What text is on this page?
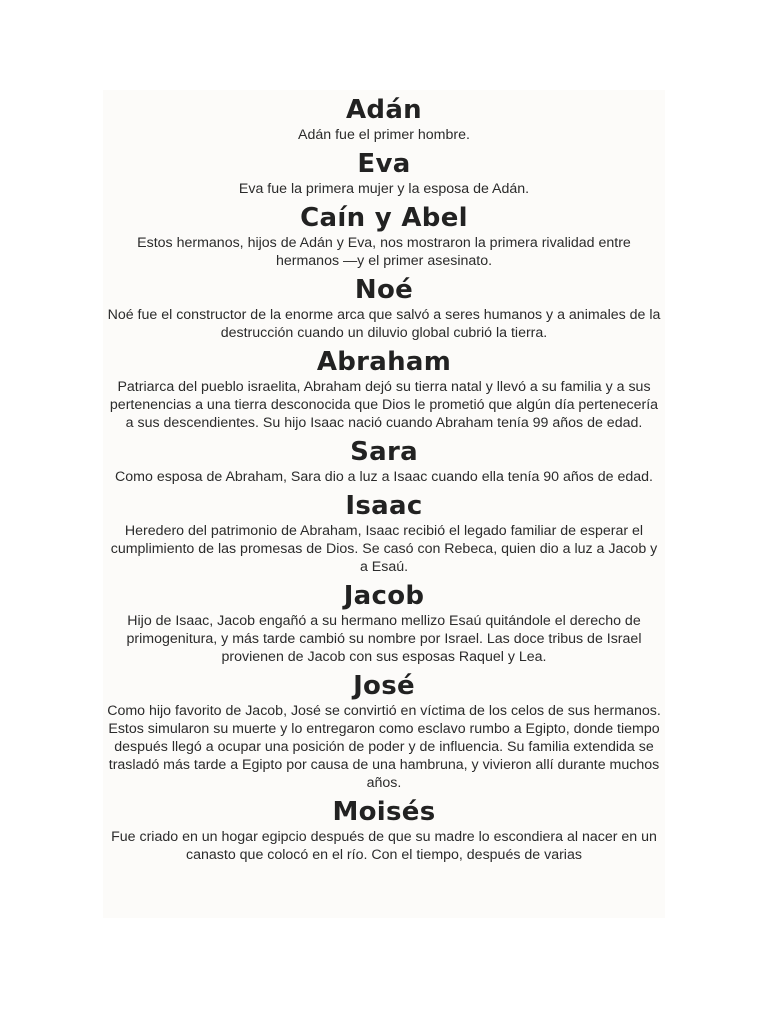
Adán

Adán fue el primer hombre.

Eva

Eva fue la primera mujer y la esposa de Adán.

Caín y Abel

Estos hermanos, hijos de Adán y Eva, nos mostraron la primera rivalidad entre hermanos —y el primer asesinato.

Noé

Noé fue el constructor de la enorme arca que salvó a seres humanos y a animales de la destrucción cuando un diluvio global cubrió la tierra.

Abraham

Patriarca del pueblo israelita, Abraham dejó su tierra natal y llevó a su familia y a sus pertenencias a una tierra desconocida que Dios le prometió que algún día pertenecería a sus descendientes. Su hijo Isaac nació cuando Abraham tenía 99 años de edad.

Sara

Como esposa de Abraham, Sara dio a luz a Isaac cuando ella tenía 90 años de edad.

Isaac

Heredero del patrimonio de Abraham, Isaac recibió el legado familiar de esperar el cumplimiento de las promesas de Dios. Se casó con Rebeca, quien dio a luz a Jacob y a Esaú.

Jacob

Hijo de Isaac, Jacob engañó a su hermano mellizo Esaú quitándole el derecho de primogenitura, y más tarde cambió su nombre por Israel. Las doce tribus de Israel provienen de Jacob con sus esposas Raquel y Lea.

José

Como hijo favorito de Jacob, José se convirtió en víctima de los celos de sus hermanos. Estos simularon su muerte y lo entregaron como esclavo rumbo a Egipto, donde tiempo después llegó a ocupar una posición de poder y de influencia. Su familia extendida se trasladó más tarde a Egipto por causa de una hambruna, y vivieron allí durante muchos años.

Moisés

Fue criado en un hogar egipcio después de que su madre lo escondiera al nacer en un canasto que colocó en el río. Con el tiempo, después de varias
